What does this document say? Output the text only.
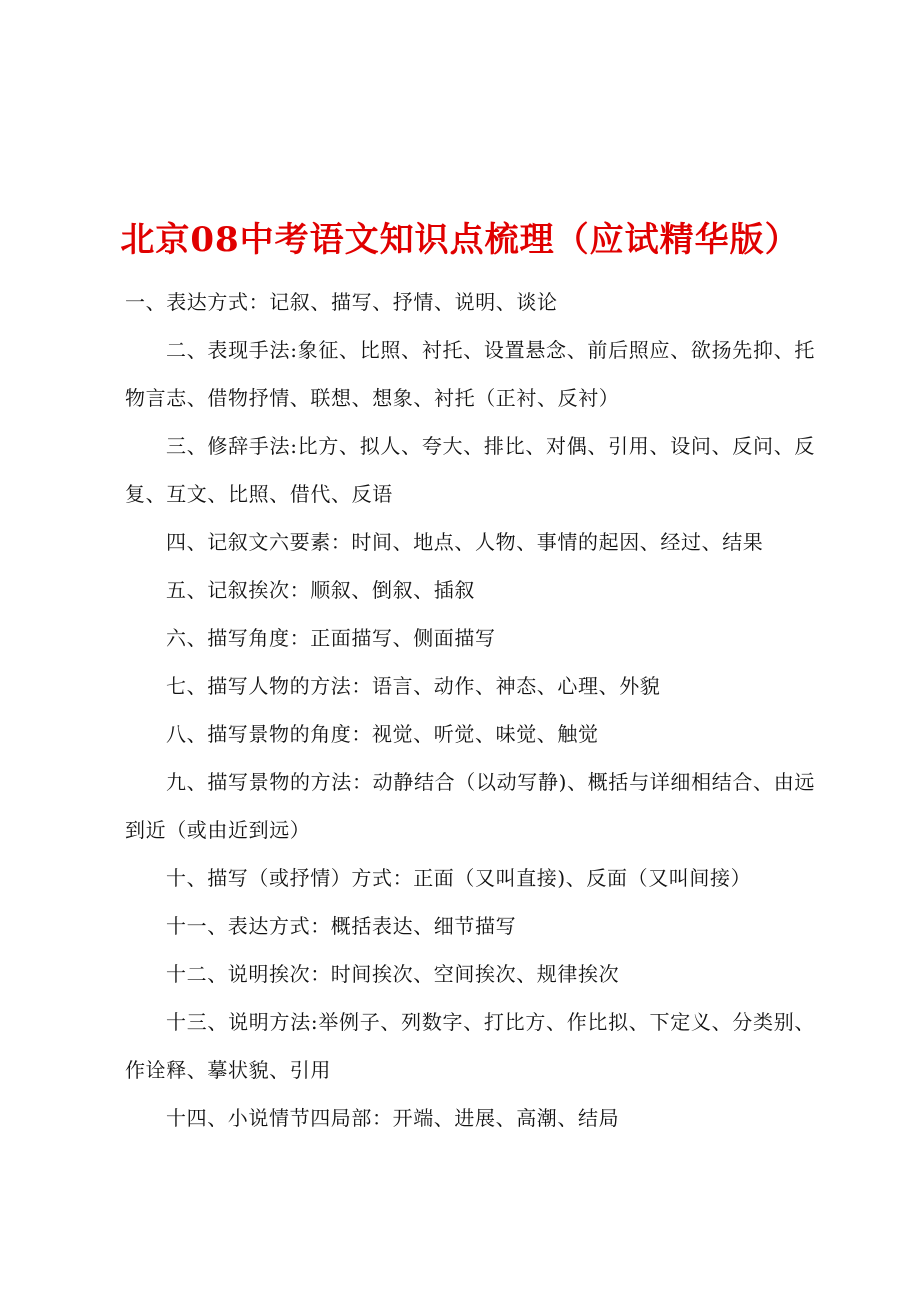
北京08中考语文知识点梳理（应试精华版）

一、表达方式：记叙、描写、抒情、说明、谈论

二、表现手法:象征、比照、衬托、设置悬念、前后照应、欲扬先抑、托物言志、借物抒情、联想、想象、衬托（正衬、反衬）

三、修辞手法:比方、拟人、夸大、排比、对偶、引用、设问、反问、反复、互文、比照、借代、反语

四、记叙文六要素：时间、地点、人物、事情的起因、经过、结果

五、记叙挨次：顺叙、倒叙、插叙

六、描写角度：正面描写、侧面描写

七、描写人物的方法：语言、动作、神态、心理、外貌

八、描写景物的角度：视觉、听觉、味觉、触觉

九、描写景物的方法：动静结合（以动写静)、概括与详细相结合、由远到近（或由近到远）

十、描写（或抒情）方式：正面（又叫直接)、反面（又叫间接）

十一、表达方式：概括表达、细节描写

十二、说明挨次：时间挨次、空间挨次、规律挨次

十三、说明方法:举例子、列数字、打比方、作比拟、下定义、分类别、作诠释、摹状貌、引用

十四、小说情节四局部：开端、进展、高潮、结局
